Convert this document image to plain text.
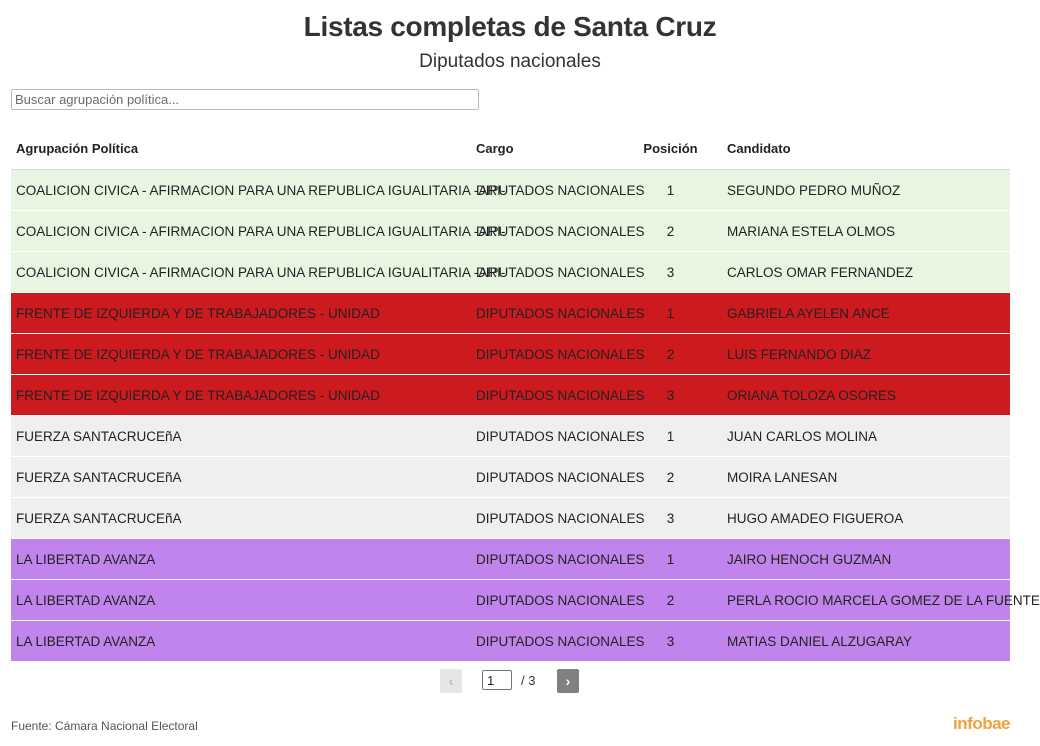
Listas completas de Santa Cruz
Diputados nacionales
Buscar agrupación política...
Agrupación Política	Cargo	Posición	Candidato
COALICION CIVICA - AFIRMACION PARA UNA REPUBLICA IGUALITARIA -ARI-	DIPUTADOS NACIONALES	1	SEGUNDO PEDRO MUÑOZ
COALICION CIVICA - AFIRMACION PARA UNA REPUBLICA IGUALITARIA -ARI-	DIPUTADOS NACIONALES	2	MARIANA ESTELA OLMOS
COALICION CIVICA - AFIRMACION PARA UNA REPUBLICA IGUALITARIA -ARI-	DIPUTADOS NACIONALES	3	CARLOS OMAR FERNANDEZ
FRENTE DE IZQUIERDA Y DE TRABAJADORES - UNIDAD	DIPUTADOS NACIONALES	1	GABRIELA AYELEN ANCE
FRENTE DE IZQUIERDA Y DE TRABAJADORES - UNIDAD	DIPUTADOS NACIONALES	2	LUIS FERNANDO DIAZ
FRENTE DE IZQUIERDA Y DE TRABAJADORES - UNIDAD	DIPUTADOS NACIONALES	3	ORIANA TOLOZA OSORES
FUERZA SANTACRUCEñA	DIPUTADOS NACIONALES	1	JUAN CARLOS MOLINA
FUERZA SANTACRUCEñA	DIPUTADOS NACIONALES	2	MOIRA LANESAN
FUERZA SANTACRUCEñA	DIPUTADOS NACIONALES	3	HUGO AMADEO FIGUEROA
LA LIBERTAD AVANZA	DIPUTADOS NACIONALES	1	JAIRO HENOCH GUZMAN
LA LIBERTAD AVANZA	DIPUTADOS NACIONALES	2	PERLA ROCIO MARCELA GOMEZ DE LA FUENTE
LA LIBERTAD AVANZA	DIPUTADOS NACIONALES	3	MATIAS DANIEL ALZUGARAY
‹
1	/ 3	›
Fuente: Cámara Nacional Electoral	infobae
